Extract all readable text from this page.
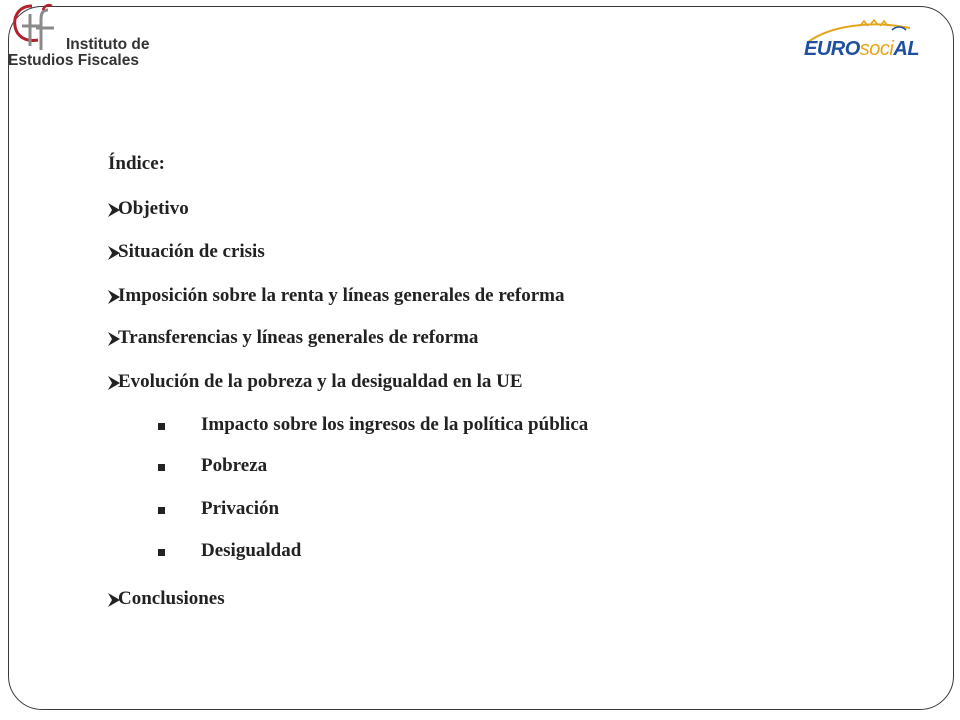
Instituto de
Estudios Fiscales
EUROsociAL
Índice:
Objetivo
Situación de crisis
Imposición sobre la renta y líneas generales de reforma
Transferencias y líneas generales de reforma
Evolución de la pobreza y la desigualdad en la UE
Impacto sobre los ingresos de la política pública
Pobreza
Privación
Desigualdad
Conclusiones
